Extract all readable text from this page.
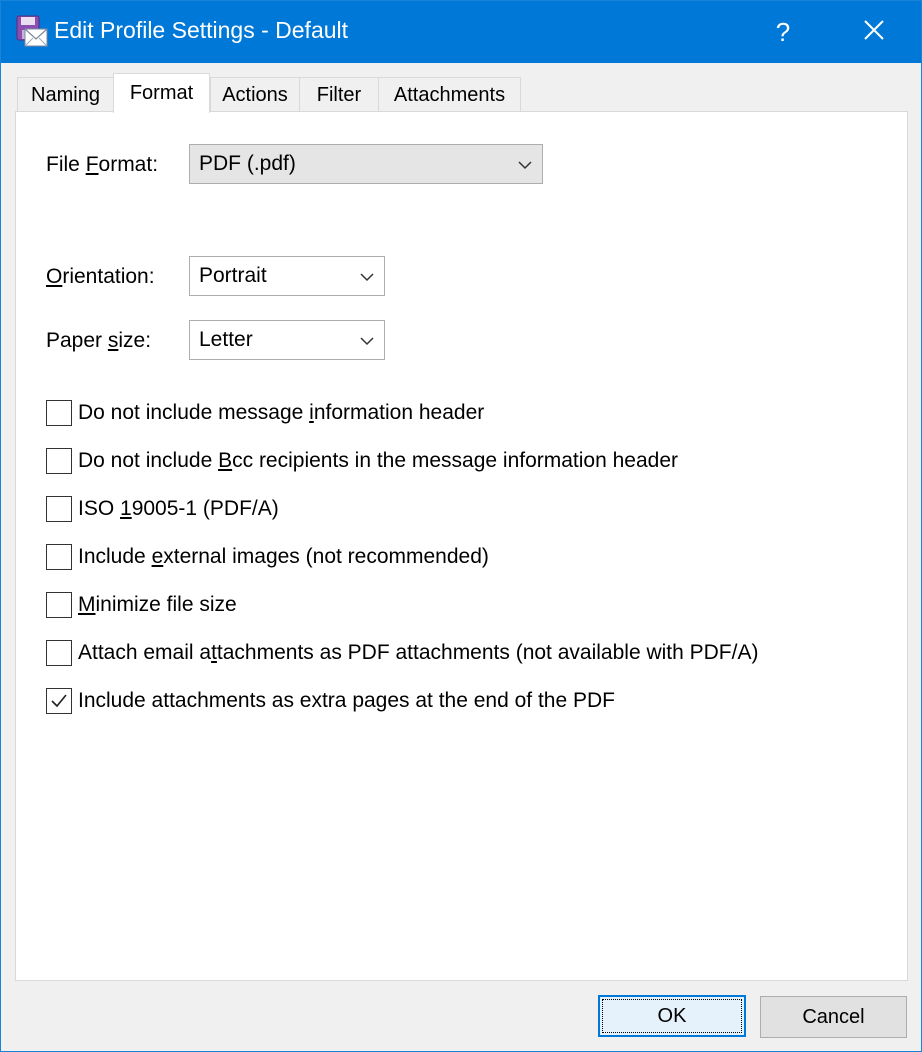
Edit Profile Settings - Default	?
Naming Format Actions Filter Attachments
File Format: PDF (.pdf)
Orientation: Portrait
Paper size: Letter
Do not include message information header
Do not include Bcc recipients in the message information header
ISO 19005-1 (PDF/A)
Include external images (not recommended)
Minimize file size
Attach email attachments as PDF attachments (not available with PDF/A)
Include attachments as extra pages at the end of the PDF
OK	Cancel
